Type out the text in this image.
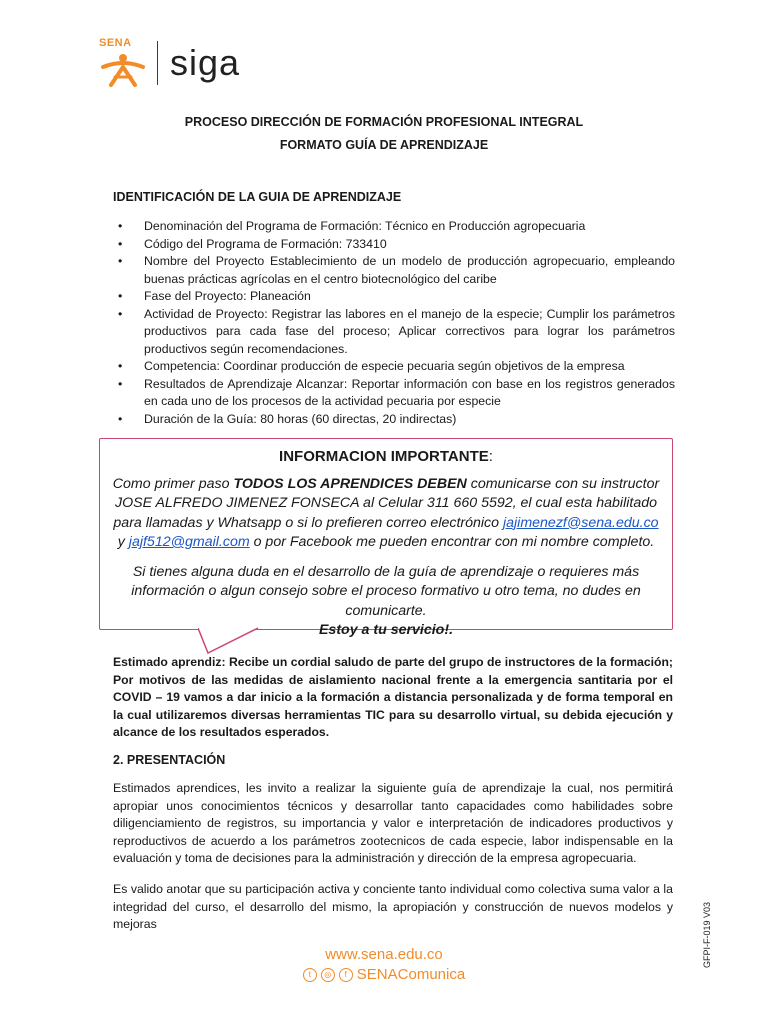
SENA siga
PROCESO DIRECCIÓN DE FORMACIÓN PROFESIONAL INTEGRAL
FORMATO GUÍA DE APRENDIZAJE
IDENTIFICACIÓN DE LA GUIA DE APRENDIZAJE
• Denominación del Programa de Formación: Técnico en Producción agropecuaria
• Código del Programa de Formación: 733410
• Nombre del Proyecto Establecimiento de un modelo de producción agropecuario, empleando buenas prácticas agrícolas en el centro biotecnológico del caribe
• Fase del Proyecto: Planeación
• Actividad de Proyecto: Registrar las labores en el manejo de la especie; Cumplir los parámetros productivos para cada fase del proceso; Aplicar correctivos para lograr los parámetros productivos según recomendaciones.
• Competencia: Coordinar producción de especie pecuaria según objetivos de la empresa
• Resultados de Aprendizaje Alcanzar: Reportar información con base en los registros generados en cada uno de los procesos de la actividad pecuaria por especie
• Duración de la Guía: 80 horas (60 directas, 20 indirectas)
INFORMACION IMPORTANTE:
Como primer paso TODOS LOS APRENDICES DEBEN comunicarse con su instructor JOSE ALFREDO JIMENEZ FONSECA al Celular 311 660 5592, el cual esta habilitado para llamadas y Whatsapp o si lo prefieren correo electrónico jajimenezf@sena.edu.co y jajf512@gmail.com o por Facebook me pueden encontrar con mi nombre completo.
Si tienes alguna duda en el desarrollo de la guía de aprendizaje o requieres más información o algun consejo sobre el proceso formativo u otro tema, no dudes en comunicarte.
Estoy a tu servicio!.
Estimado aprendiz: Recibe un cordial saludo de parte del grupo de instructores de la formación; Por motivos de las medidas de aislamiento nacional frente a la emergencia santitaria por el COVID – 19 vamos a dar inicio a la formación a distancia personalizada y de forma temporal en la cual utilizaremos diversas herramientas TIC para su desarrollo virtual, su debida ejecución y alcance de los resultados esperados.
2. PRESENTACIÓN
Estimados aprendices, les invito a realizar la siguiente guía de aprendizaje la cual, nos permitirá apropiar unos conocimientos técnicos y desarrollar tanto capacidades como habilidades sobre diligenciamiento de registros, su importancia y valor e interpretación de indicadores productivos y reproductivos de acuerdo a los parámetros zootecnicos de cada especie, labor indispensable en la evaluación y toma de decisiones para la administración y dirección de la empresa agropecuaria.
Es valido anotar que su participación activa y conciente tanto individual como colectiva suma valor a la integridad del curso, el desarrollo del mismo, la apropiación y construcción de nuevos modelos y mejoras
www.sena.edu.co
t	◎	f SENAComunica
GFPI-F-019 V03
